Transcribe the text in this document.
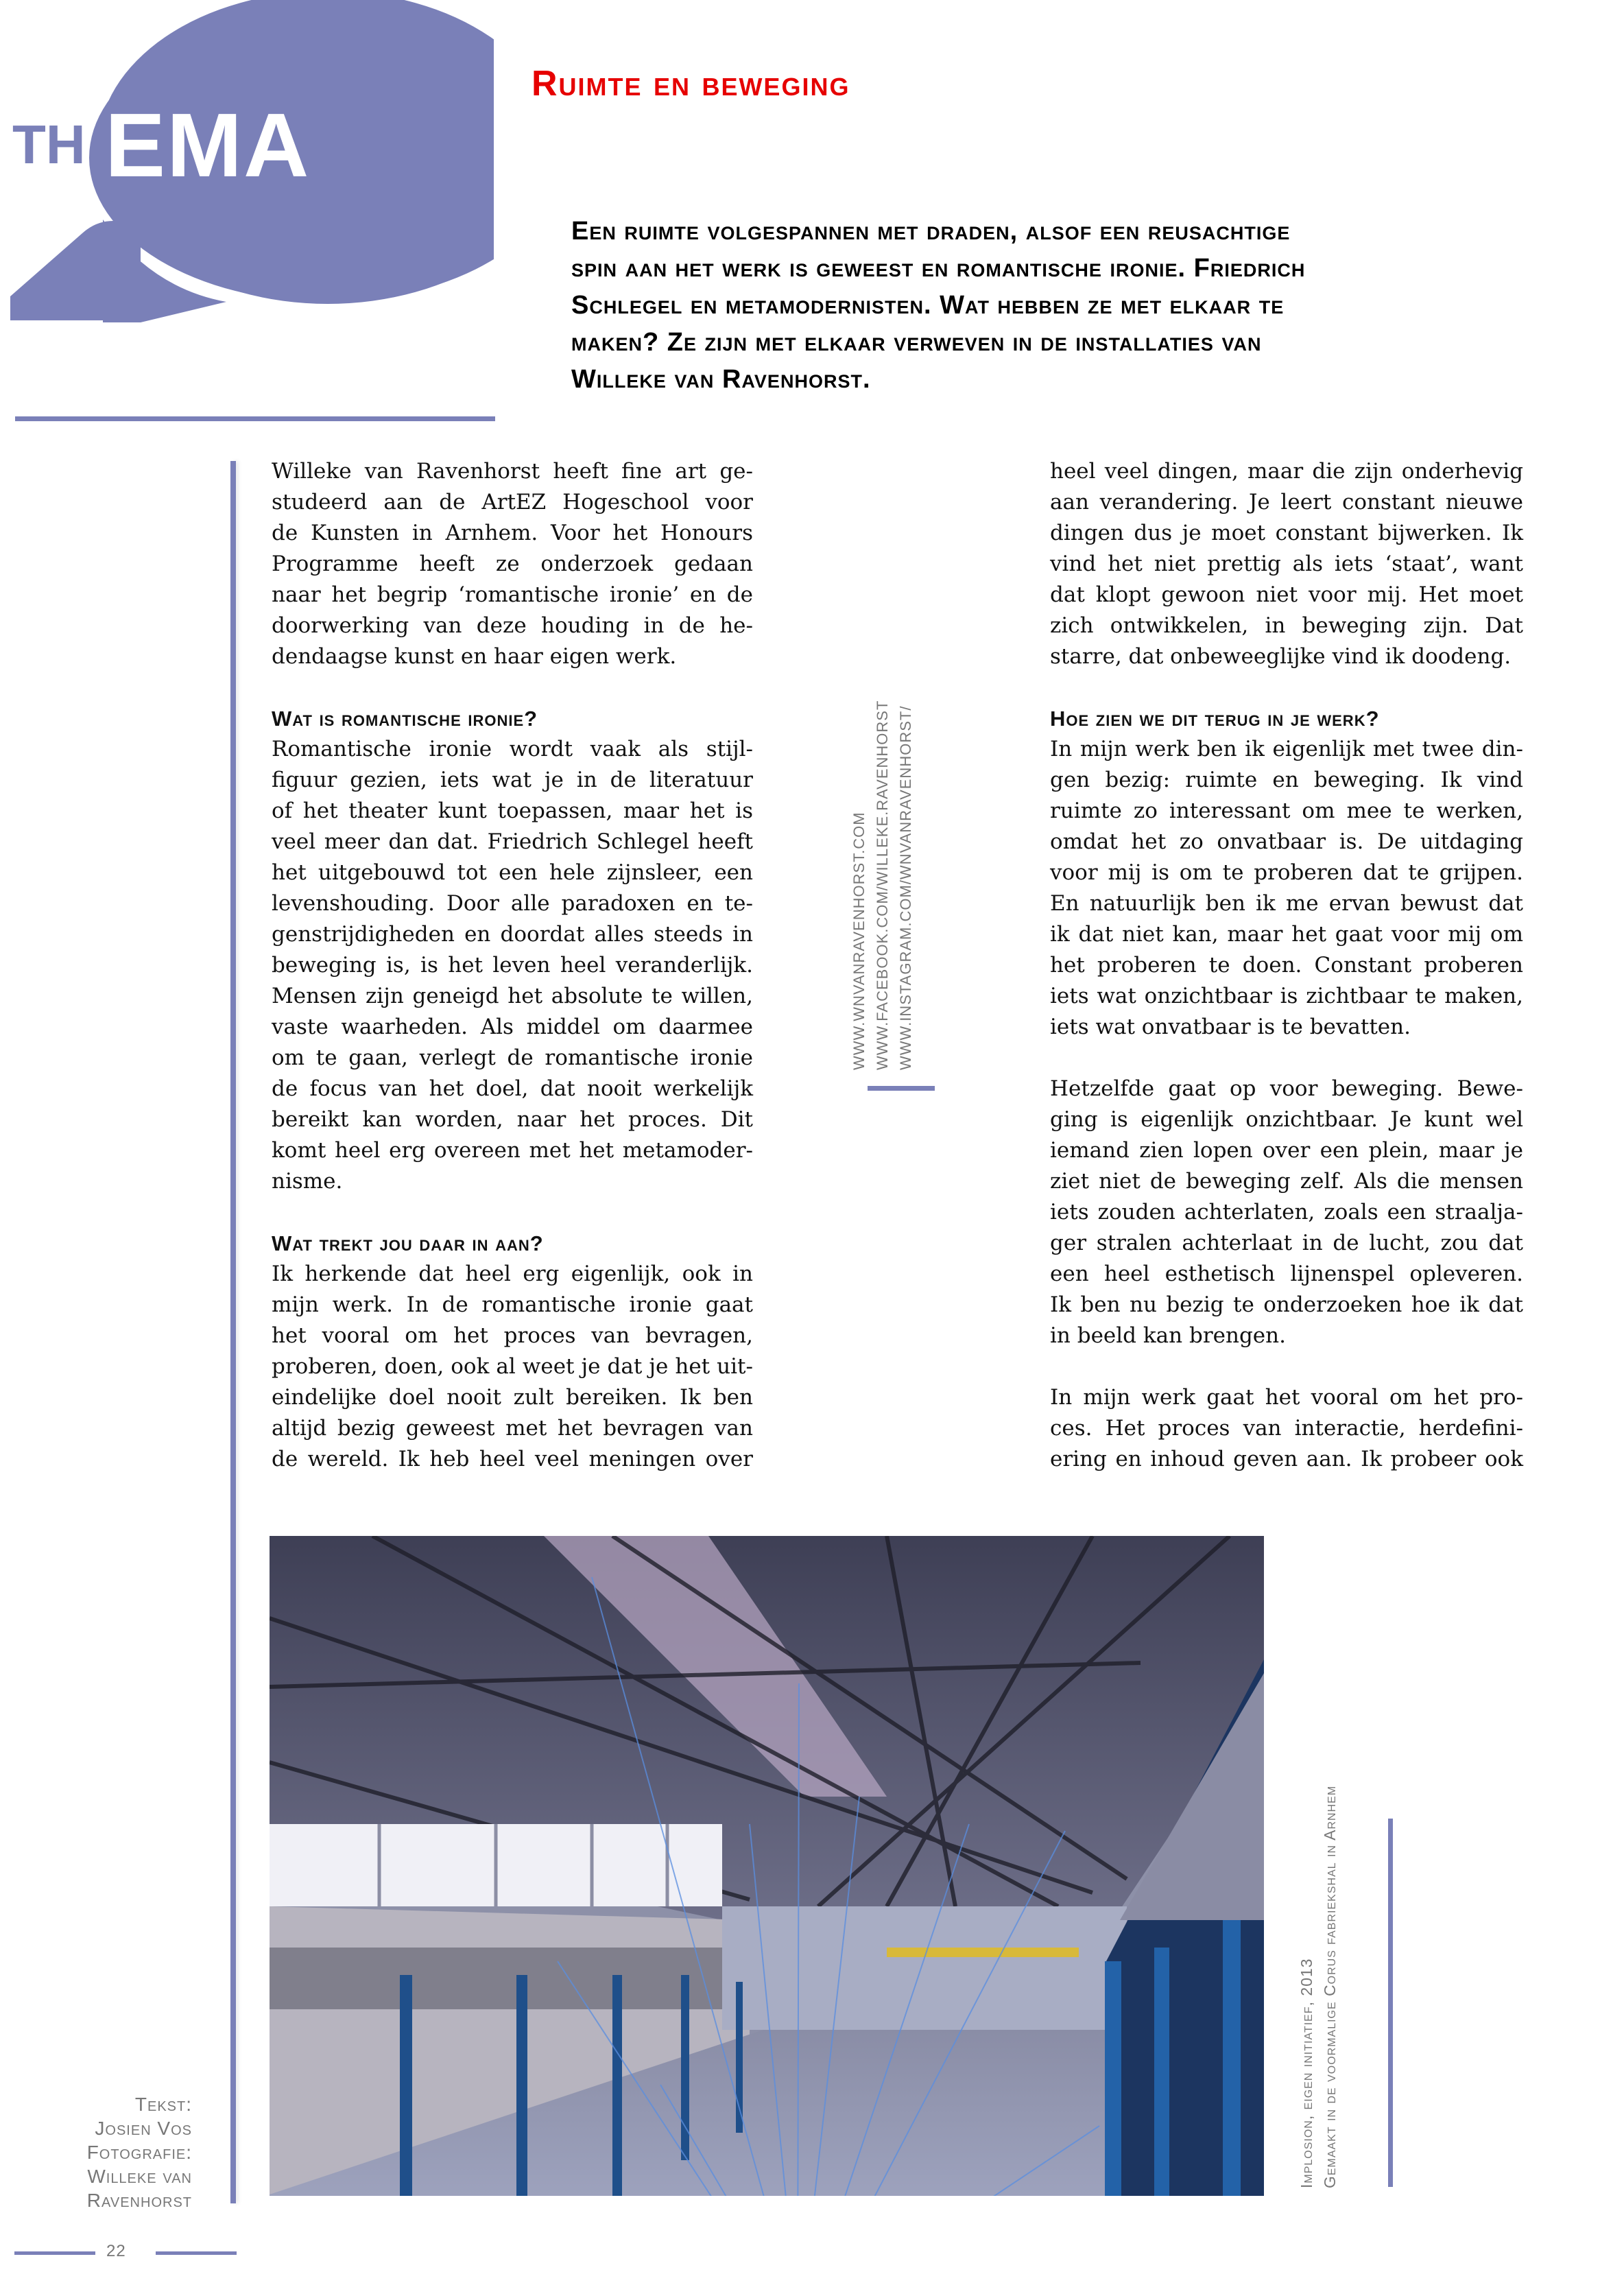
TH EMA
Ruimte en beweging
Een ruimte volgespannen met draden, alsof een reusachtige
spin aan het werk is geweest en romantische ironie. Friedrich
Schlegel en metamodernisten. Wat hebben ze met elkaar te
maken? Ze zijn met elkaar verweven in de installaties van
Willeke van Ravenhorst.
Willeke van Ravenhorst heeft fine art ge-
studeerd aan de ArtEZ Hogeschool voor
de Kunsten in Arnhem. Voor het Honours
Programme heeft ze onderzoek gedaan
naar het begrip ‘romantische ironie’ en de
doorwerking van deze houding in de he-
dendaagse kunst en haar eigen werk.
Wat is romantische ironie?
Romantische ironie wordt vaak als stijl-
figuur gezien, iets wat je in de literatuur
of het theater kunt toepassen, maar het is
veel meer dan dat. Friedrich Schlegel heeft
het uitgebouwd tot een hele zijnsleer, een
levenshouding. Door alle paradoxen en te-
genstrijdigheden en doordat alles steeds in
beweging is, is het leven heel veranderlijk.
Mensen zijn geneigd het absolute te willen,
vaste waarheden. Als middel om daarmee
om te gaan, verlegt de romantische ironie
de focus van het doel, dat nooit werkelijk
bereikt kan worden, naar het proces. Dit
komt heel erg overeen met het metamoder-
nisme.
Wat trekt jou daar in aan?
Ik herkende dat heel erg eigenlijk, ook in
mijn werk. In de romantische ironie gaat
het vooral om het proces van bevragen,
proberen, doen, ook al weet je dat je het uit-
eindelijke doel nooit zult bereiken. Ik ben
altijd bezig geweest met het bevragen van
de wereld. Ik heb heel veel meningen over
WWW.WNVANRAVENHORST.COM WWW.FACEBOOK.COM/WILLEKE.RAVENHORST WWW.INSTAGRAM.COM/WNVANRAVENHORST/
heel veel dingen, maar die zijn onderhevig
aan verandering. Je leert constant nieuwe
dingen dus je moet constant bijwerken. Ik
vind het niet prettig als iets ‘staat’, want
dat klopt gewoon niet voor mij. Het moet
zich ontwikkelen, in beweging zijn. Dat
starre, dat onbeweeglijke vind ik doodeng.
Hoe zien we dit terug in je werk?
In mijn werk ben ik eigenlijk met twee din-
gen bezig: ruimte en beweging. Ik vind
ruimte zo interessant om mee te werken,
omdat het zo onvatbaar is. De uitdaging
voor mij is om te proberen dat te grijpen.
En natuurlijk ben ik me ervan bewust dat
ik dat niet kan, maar het gaat voor mij om
het proberen te doen. Constant proberen
iets wat onzichtbaar is zichtbaar te maken,
iets wat onvatbaar is te bevatten.
Hetzelfde gaat op voor beweging. Bewe-
ging is eigenlijk onzichtbaar. Je kunt wel
iemand zien lopen over een plein, maar je
ziet niet de beweging zelf. Als die mensen
iets zouden achterlaten, zoals een straalja-
ger stralen achterlaat in de lucht, zou dat
een heel esthetisch lijnenspel opleveren.
Ik ben nu bezig te onderzoeken hoe ik dat
in beeld kan brengen.
In mijn werk gaat het vooral om het pro-
ces. Het proces van interactie, herdefini-
ering en inhoud geven aan. Ik probeer ook
Implosion, eigen initiatief, 2013 Gemaakt in de voormalige Corus fabriekshal in Arnhem
Tekst:
Josien Vos
Fotografie:
Willeke van
Ravenhorst
22
